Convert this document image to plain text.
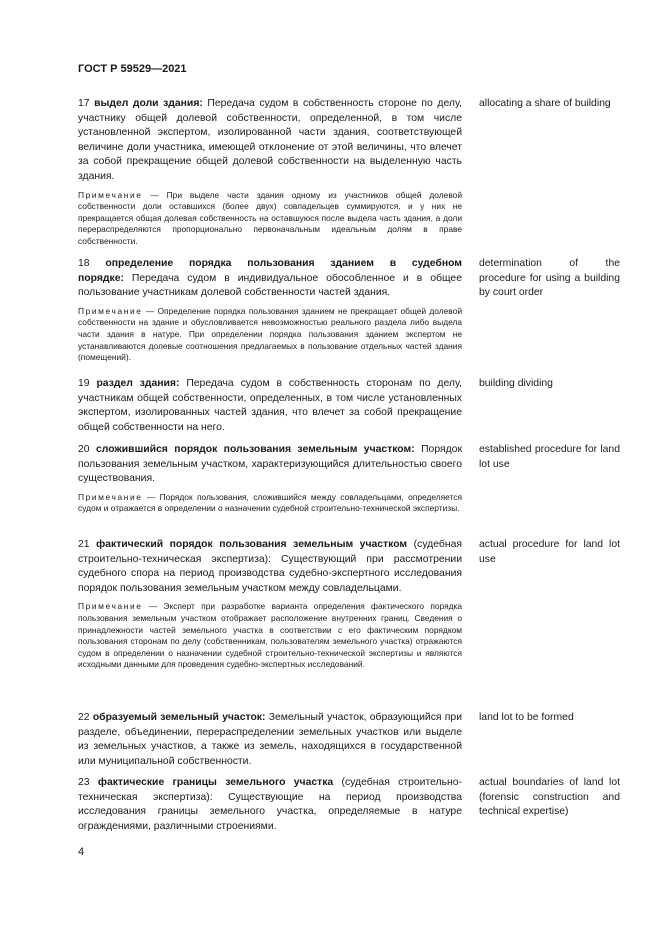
ГОСТ Р 59529—2021
17 выдел доли здания: Передача судом в собственность стороне по делу, участнику общей долевой собственности, определенной, в том числе установленной экспертом, изолированной части здания, соответствующей величине доли участника, имеющей отклонение от этой величины, что влечет за собой прекращение общей долевой собственности на выделенную часть здания.
Примечание — При выделе части здания одному из участников общей долевой собственности доли оставшихся (более двух) совладельцев суммируются, и у них не прекращается общая долевая собственность на оставшуюся после выдела часть здания, а доли перераспределяются пропорционально первоначальным идеальным долям в праве собственности.
allocating a share of building
18 определение порядка пользования зданием в судебном порядке: Передача судом в индивидуальное обособленное и в общее пользование участникам долевой собственности частей здания.
Примечание — Определение порядка пользования зданием не прекращает общей долевой собственности на здание и обусловливается невозможностью реального раздела либо выдела части здания в натуре. При определении порядка пользования зданием экспертом не устанавливаются долевые соотношения предлагаемых в пользование отдельных частей здания (помещений).
determination of the procedure for using a building by court order
19 раздел здания: Передача судом в собственность сторонам по делу, участникам общей собственности, определенных, в том числе установленных экспертом, изолированных частей здания, что влечет за собой прекращение общей собственности на него.
building dividing
20 сложившийся порядок пользования земельным участком: Порядок пользования земельным участком, характеризующийся длительностью своего существования.
Примечание — Порядок пользования, сложившийся между совладельцами, определяется судом и отражается в определении о назначении судебной строительно-технической экспертизы.
established procedure for land lot use
21 фактический порядок пользования земельным участком (судебная строительно-техническая экспертиза): Существующий при рассмотрении судебного спора на период производства судебно-экспертного исследования порядок пользования земельным участком между совладельцами.
Примечание — Эксперт при разработке варианта определения фактического порядка пользования земельным участком отображает расположение внутренних границ. Сведения о принадлежности частей земельного участка в соответствии с его фактическим порядком пользования сторонам по делу (собственникам, пользователям земельного участка) отражаются судом в определении о назначении судебной строительно-технической экспертизы и являются исходными данными для проведения судебно-экспертных исследований.
actual procedure for land lot use
22 образуемый земельный участок: Земельный участок, образующийся при разделе, объединении, перераспределении земельных участков или выделе из земельных участков, а также из земель, находящихся в государственной или муниципальной собственности.
land lot to be formed
23 фактические границы земельного участка (судебная строительно-техническая экспертиза): Существующие на период производства исследования границы земельного участка, определяемые в натуре ограждениями, различными строениями.
actual boundaries of land lot (forensic construction and technical expertise)
4
